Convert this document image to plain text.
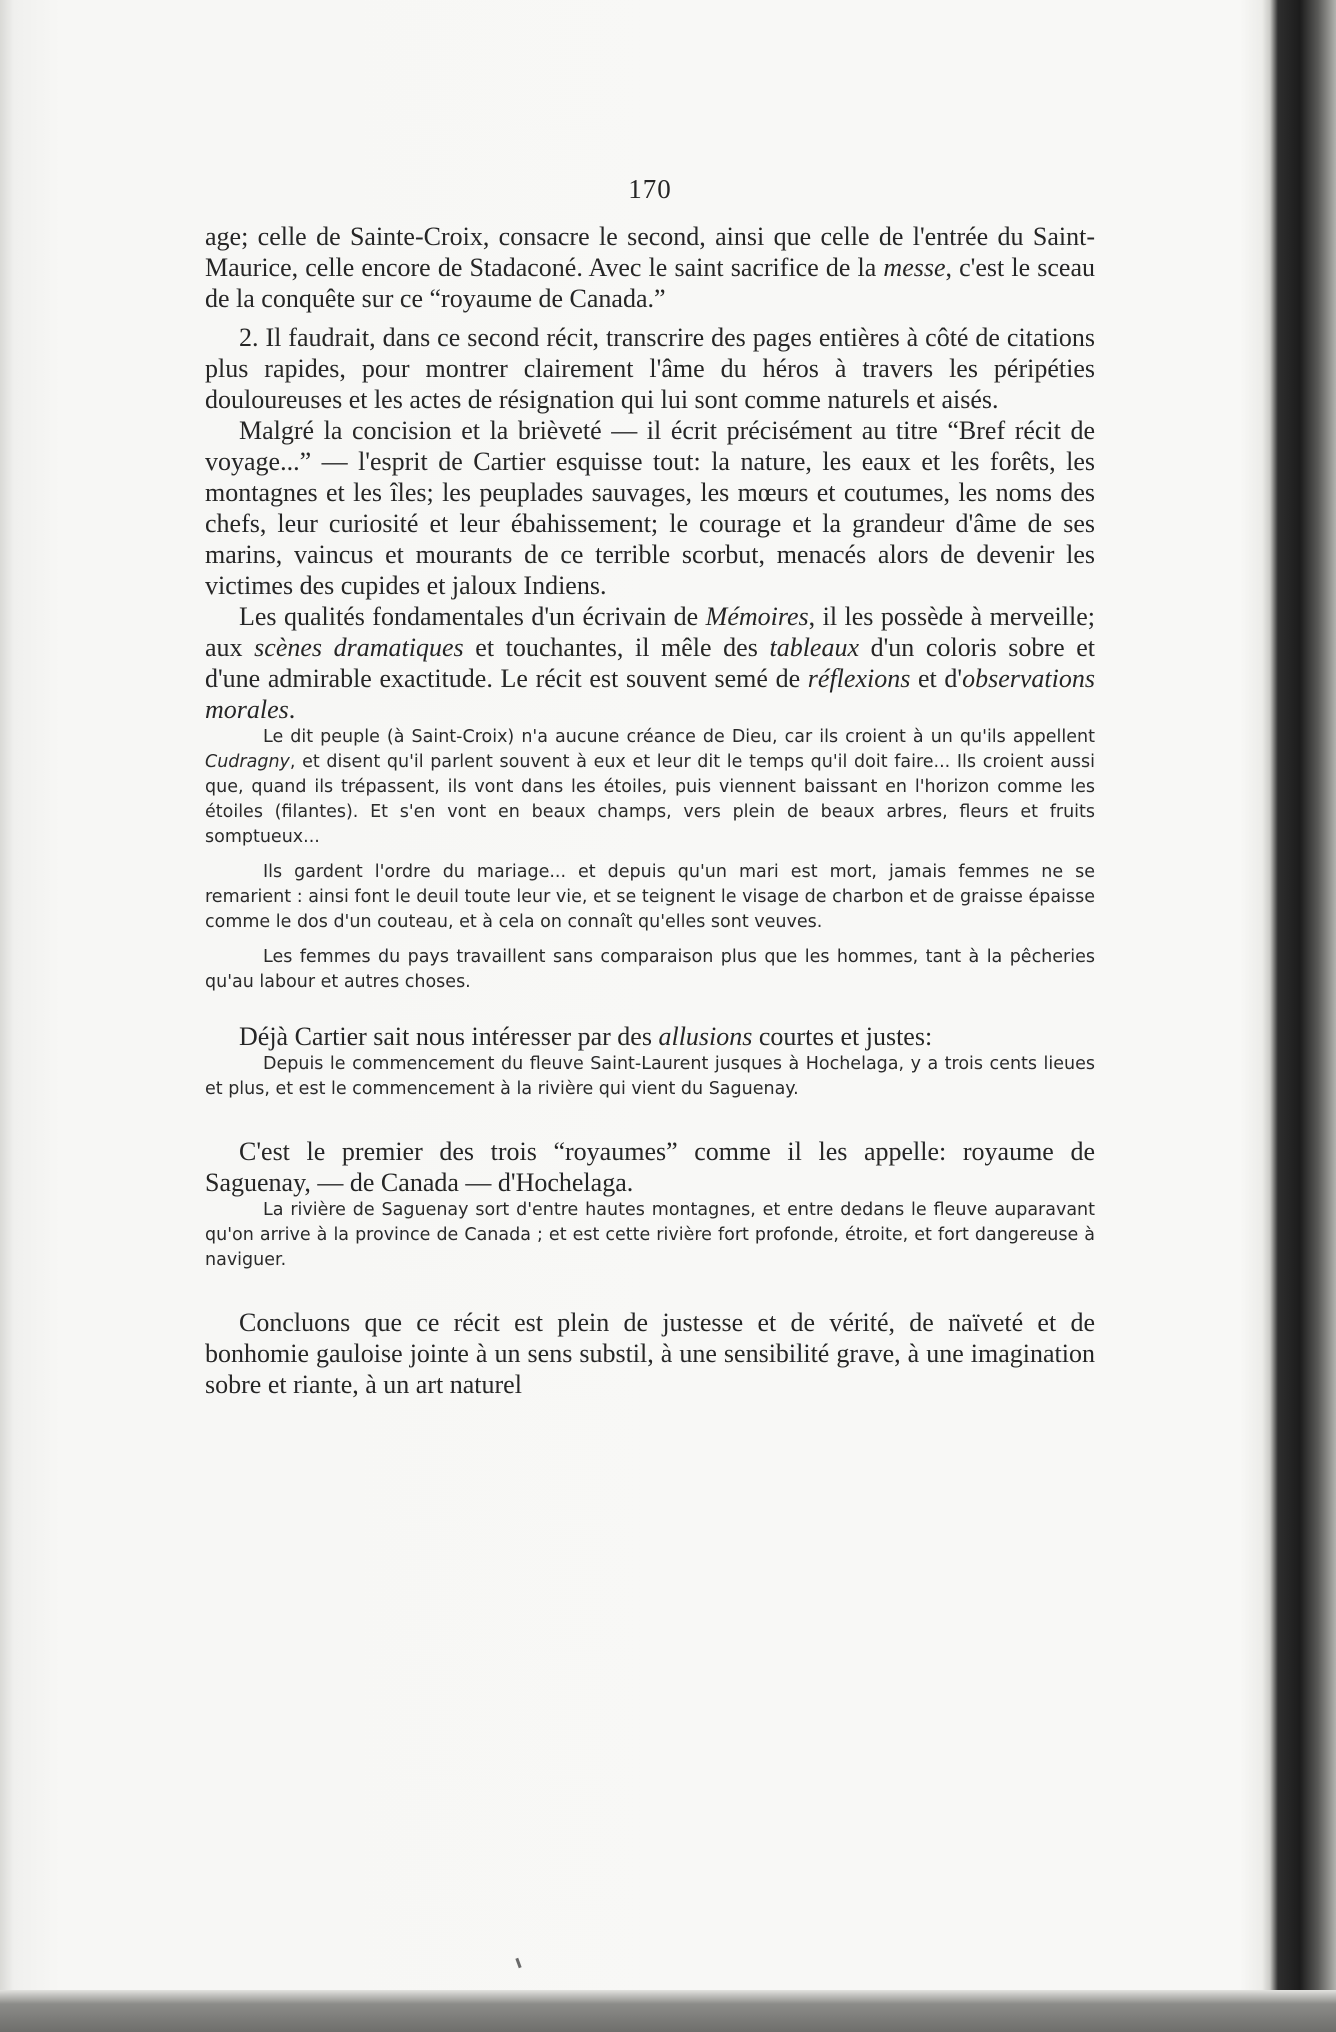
170

age; celle de Sainte-Croix, consacre le second, ainsi que celle de l'entrée du Saint-Maurice, celle encore de Stadaconé. Avec le saint sacrifice de la messe, c'est le sceau de la conquête sur ce “royaume de Canada.”

2. Il faudrait, dans ce second récit, transcrire des pages entières à côté de citations plus rapides, pour montrer clairement l'âme du héros à travers les péripéties douloureuses et les actes de résignation qui lui sont comme naturels et aisés.

Malgré la concision et la brièveté — il écrit précisément au titre “Bref récit de voyage...” — l'esprit de Cartier esquisse tout: la nature, les eaux et les forêts, les montagnes et les îles; les peuplades sauvages, les mœurs et coutumes, les noms des chefs, leur curiosité et leur ébahissement; le courage et la grandeur d'âme de ses marins, vaincus et mourants de ce terrible scorbut, menacés alors de devenir les victimes des cupides et jaloux Indiens.

Les qualités fondamentales d'un écrivain de Mémoires, il les possède à merveille; aux scènes dramatiques et touchantes, il mêle des tableaux d'un coloris sobre et d'une admirable exactitude. Le récit est souvent semé de réflexions et d'observations morales.

Le dit peuple (à Saint-Croix) n'a aucune créance de Dieu, car ils croient à un qu'ils appellent Cudragny, et disent qu'il parlent souvent à eux et leur dit le temps qu'il doit faire... Ils croient aussi que, quand ils trépassent, ils vont dans les étoiles, puis viennent baissant en l'horizon comme les étoiles (filantes). Et s'en vont en beaux champs, vers plein de beaux arbres, fleurs et fruits somptueux...

Ils gardent l'ordre du mariage... et depuis qu'un mari est mort, jamais femmes ne se remarient : ainsi font le deuil toute leur vie, et se teignent le visage de charbon et de graisse épaisse comme le dos d'un couteau, et à cela on connaît qu'elles sont veuves.

Les femmes du pays travaillent sans comparaison plus que les hommes, tant à la pêcheries qu'au labour et autres choses.

Déjà Cartier sait nous intéresser par des allusions courtes et justes:

Depuis le commencement du fleuve Saint-Laurent jusques à Hochelaga, y a trois cents lieues et plus, et est le commencement à la rivière qui vient du Saguenay.

C'est le premier des trois “royaumes” comme il les appelle: royaume de Saguenay, — de Canada — d'Hochelaga.

La rivière de Saguenay sort d'entre hautes montagnes, et entre dedans le fleuve auparavant qu'on arrive à la province de Canada ; et est cette rivière fort profonde, étroite, et fort dangereuse à naviguer.

Concluons que ce récit est plein de justesse et de vérité, de naïveté et de bonhomie gauloise jointe à un sens substil, à une sensibilité grave, à une imagination sobre et riante, à un art naturel
